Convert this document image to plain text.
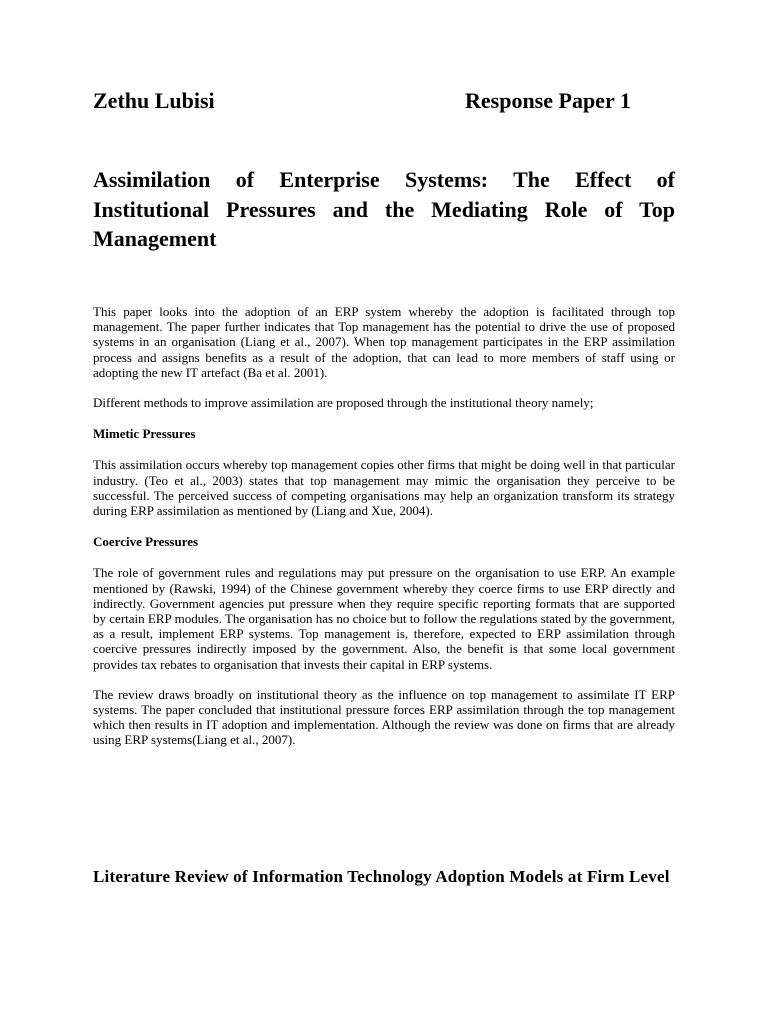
Zethu Lubisi	Response Paper 1
Assimilation of Enterprise Systems: The Effect of Institutional Pressures and the Mediating Role of Top Management

This paper looks into the adoption of an ERP system whereby the adoption is facilitated through top management. The paper further indicates that Top management has the potential to drive the use of proposed systems in an organisation (Liang et al., 2007). When top management participates in the ERP assimilation process and assigns benefits as a result of the adoption, that can lead to more members of staff using or adopting the new IT artefact (Ba et al. 2001).

Different methods to improve assimilation are proposed through the institutional theory namely;

Mimetic Pressures

This assimilation occurs whereby top management copies other firms that might be doing well in that particular industry. (Teo et al., 2003) states that top management may mimic the organisation they perceive to be successful. The perceived success of competing organisations may help an organization transform its strategy during ERP assimilation as mentioned by (Liang and Xue, 2004).

Coercive Pressures

The role of government rules and regulations may put pressure on the organisation to use ERP. An example mentioned by (Rawski, 1994) of the Chinese government whereby they coerce firms to use ERP directly and indirectly. Government agencies put pressure when they require specific reporting formats that are supported by certain ERP modules. The organisation has no choice but to follow the regulations stated by the government, as a result, implement ERP systems. Top management is, therefore, expected to ERP assimilation through coercive pressures indirectly imposed by the government. Also, the benefit is that some local government provides tax rebates to organisation that invests their capital in ERP systems.

The review draws broadly on institutional theory as the influence on top management to assimilate IT ERP systems. The paper concluded that institutional pressure forces ERP assimilation through the top management which then results in IT adoption and implementation. Although the review was done on firms that are already using ERP systems(Liang et al., 2007).

Literature Review of Information Technology Adoption Models at Firm Level
